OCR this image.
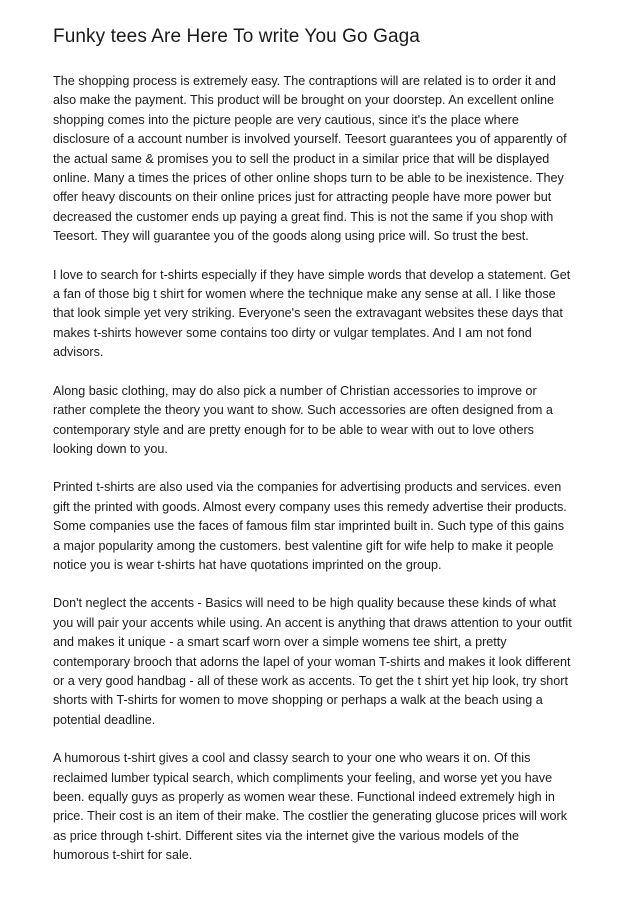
Funky tees Are Here To write You Go Gaga

The shopping process is extremely easy. The contraptions will are related is to order it and
also make the payment. This product will be brought on your doorstep. An excellent online
shopping comes into the picture people are very cautious, since it's the place where
disclosure of a account number is involved yourself. Teesort guarantees you of apparently of
the actual same & promises you to sell the product in a similar price that will be displayed
online. Many a times the prices of other online shops turn to be able to be inexistence. They
offer heavy discounts on their online prices just for attracting people have more power but
decreased the customer ends up paying a great find. This is not the same if you shop with
Teesort. They will guarantee you of the goods along using price will. So trust the best.

I love to search for t-shirts especially if they have simple words that develop a statement. Get
a fan of those big t shirt for women where the technique make any sense at all. I like those
that look simple yet very striking. Everyone's seen the extravagant websites these days that
makes t-shirts however some contains too dirty or vulgar templates. And I am not fond
advisors.

Along basic clothing, may do also pick a number of Christian accessories to improve or
rather complete the theory you want to show. Such accessories are often designed from a
contemporary style and are pretty enough for to be able to wear with out to love others
looking down to you.

Printed t-shirts are also used via the companies for advertising products and services. even
gift the printed with goods. Almost every company uses this remedy advertise their products.
Some companies use the faces of famous film star imprinted built in. Such type of this gains
a major popularity among the customers. best valentine gift for wife help to make it people
notice you is wear t-shirts hat have quotations imprinted on the group.

Don't neglect the accents - Basics will need to be high quality because these kinds of what
you will pair your accents while using. An accent is anything that draws attention to your outfit
and makes it unique - a smart scarf worn over a simple womens tee shirt, a pretty
contemporary brooch that adorns the lapel of your woman T-shirts and makes it look different
or a very good handbag - all of these work as accents. To get the t shirt yet hip look, try short
shorts with T-shirts for women to move shopping or perhaps a walk at the beach using a
potential deadline.

A humorous t-shirt gives a cool and classy search to your one who wears it on. Of this
reclaimed lumber typical search, which compliments your feeling, and worse yet you have
been. equally guys as properly as women wear these. Functional indeed extremely high in
price. Their cost is an item of their make. The costlier the generating glucose prices will work
as price through t-shirt. Different sites via the internet give the various models of the
humorous t-shirt for sale.
